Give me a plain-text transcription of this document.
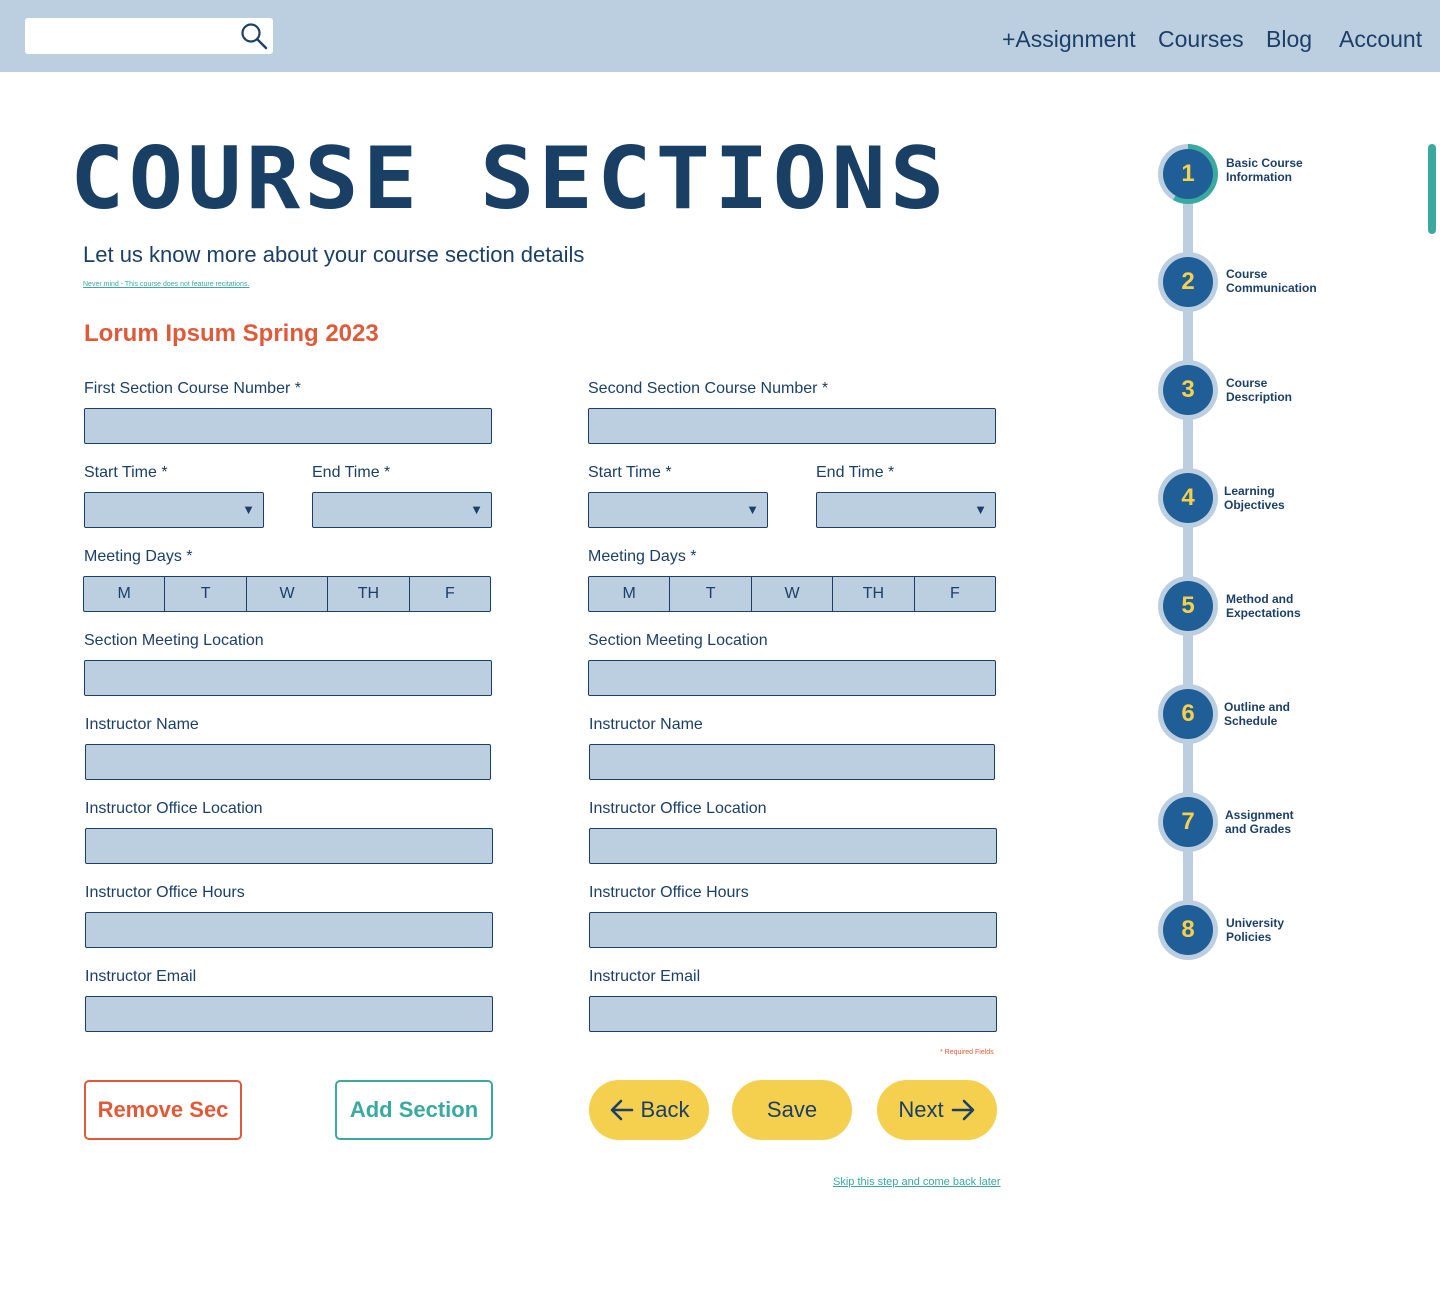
+Assignment Courses Blog Account
COURSE SECTIONS
Let us know more about your course section details
Never mind - This course does not feature recitations.
Lorum Ipsum Spring 2023
First Section Course Number *
Start Time *
▼
End Time *
▼
Meeting Days *
M	T	W	TH	F
Section Meeting Location
Instructor Name
Instructor Office Location
Instructor Office Hours
Instructor Email
Second Section Course Number *
Start Time *
▼
End Time *
▼
Meeting Days *
M	T	W	TH	F
Section Meeting Location
Instructor Name
Instructor Office Location
Instructor Office Hours
Instructor Email
* Required Fields
Remove Sec	Add Section	Back	Save	Next
Skip this step and come back later
1	Basic Course Information
2	Course Communication
3	Course Description
4	Learning Objectives
5	Method and Expectations
6	Outline and Schedule
7	Assignment and Grades
8	University Policies
